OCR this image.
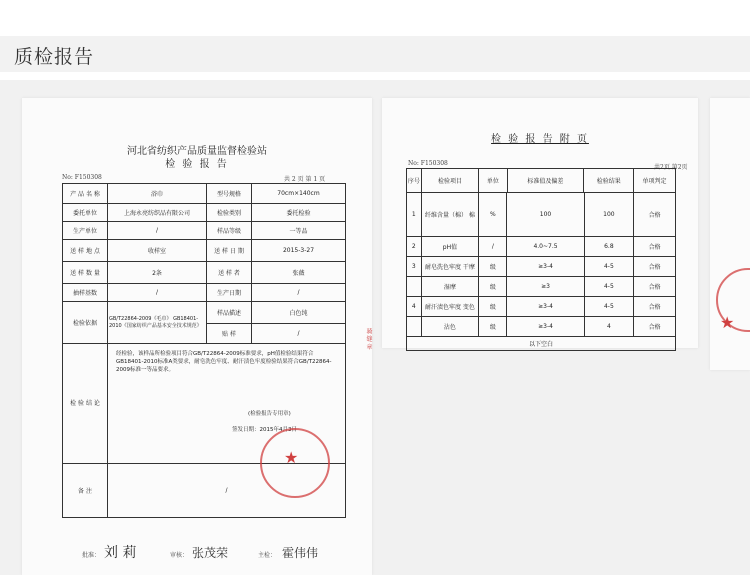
质检报告
河北省纺织产品质量监督检验站
检 验 报 告
No: F150308	共 2 页 第 1 页
产 品 名 称	浴巾	型号规格	70cm×140cm
委托单位	上海永亮纺织品有限公司	检验类别	委托检验
生产单位	/	样品等级	一等品
送 样 地 点	收样室	送 样 日 期	2015-3-27
送 样 数 量	2条	送 样 者	张薇
抽样基数	/	生产日期	/
检验依据	GB/T22864-2009《毛巾》 GB18401-2010《国家纺织产品基本安全技术规范》	样品描述	白色纯
		贴 样	/
检 验 结 论	经检验，该样品所检验项目符合GB/T22864-2009标准要求，pH值检验结果符合GB18401-2010标准A类要求，耐皂洗色牢度、耐汗渍色牢度检验结果符合GB/T22864-2009标准一等品要求。
(检验报告专用章)
签发日期：2015年4月3日		

备 注	/		
★
批准： 刘 莉	审核： 张茂荣	主检： 霍伟伟
骑 缝 章
检 验 报 告 附 页
No: F150308
共2页 第2页
序号	检验项目	单位	标准值及偏差	检验结果	单项判定
1	纤维含量（棉） 棉	%	100	100	合格
2	pH值	/	4.0~7.5	6.8	合格
3	耐皂洗色牢度 干摩	级	≥3-4	4-5	合格
	湿摩	级	≥3	4-5	合格
4	耐汗渍色牢度 变色	级	≥3-4	4-5	合格
	沾色	级	≥3-4	4	合格
以下空白					
★
